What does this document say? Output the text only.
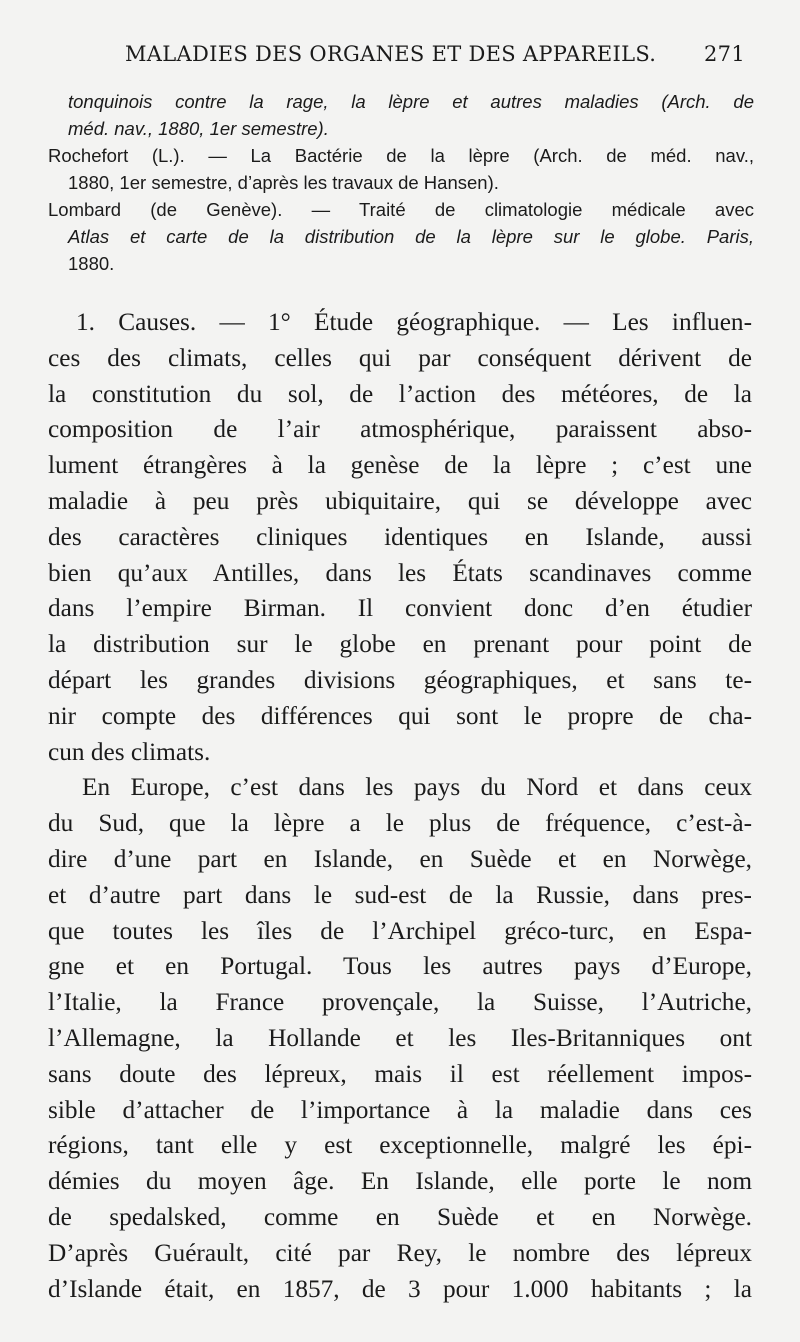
MALADIES DES ORGANES ET DES APPAREILS. 271

tonquinois contre la rage, la lèpre et autres maladies (Arch. de
méd. nav., 1880, 1er semestre).

Rochefort (L.). — La Bactérie de la lèpre (Arch. de méd. nav.,
1880, 1er semestre, d’après les travaux de Hansen).

Lombard (de Genève). — Traité de climatologie médicale avec
Atlas et carte de la distribution de la lèpre sur le globe. Paris,
1880.

1. Causes. — 1° Étude géographique. — Les influen-
ces des climats, celles qui par conséquent dérivent de
la constitution du sol, de l’action des météores, de la
composition de l’air atmosphérique, paraissent abso-
lument étrangères à la genèse de la lèpre ; c’est une
maladie à peu près ubiquitaire, qui se développe avec
des caractères cliniques identiques en Islande, aussi
bien qu’aux Antilles, dans les États scandinaves comme
dans l’empire Birman. Il convient donc d’en étudier
la distribution sur le globe en prenant pour point de
départ les grandes divisions géographiques, et sans te-
nir compte des différences qui sont le propre de cha-
cun des climats.

En Europe, c’est dans les pays du Nord et dans ceux
du Sud, que la lèpre a le plus de fréquence, c’est-à-
dire d’une part en Islande, en Suède et en Norwège,
et d’autre part dans le sud-est de la Russie, dans pres-
que toutes les îles de l’Archipel gréco-turc, en Espa-
gne et en Portugal. Tous les autres pays d’Europe,
l’Italie, la France provençale, la Suisse, l’Autriche,
l’Allemagne, la Hollande et les Iles-Britanniques ont
sans doute des lépreux, mais il est réellement impos-
sible d’attacher de l’importance à la maladie dans ces
régions, tant elle y est exceptionnelle, malgré les épi-
démies du moyen âge. En Islande, elle porte le nom
de spedalsked, comme en Suède et en Norwège.
D’après Guérault, cité par Rey, le nombre des lépreux
d’Islande était, en 1857, de 3 pour 1.000 habitants ; la
